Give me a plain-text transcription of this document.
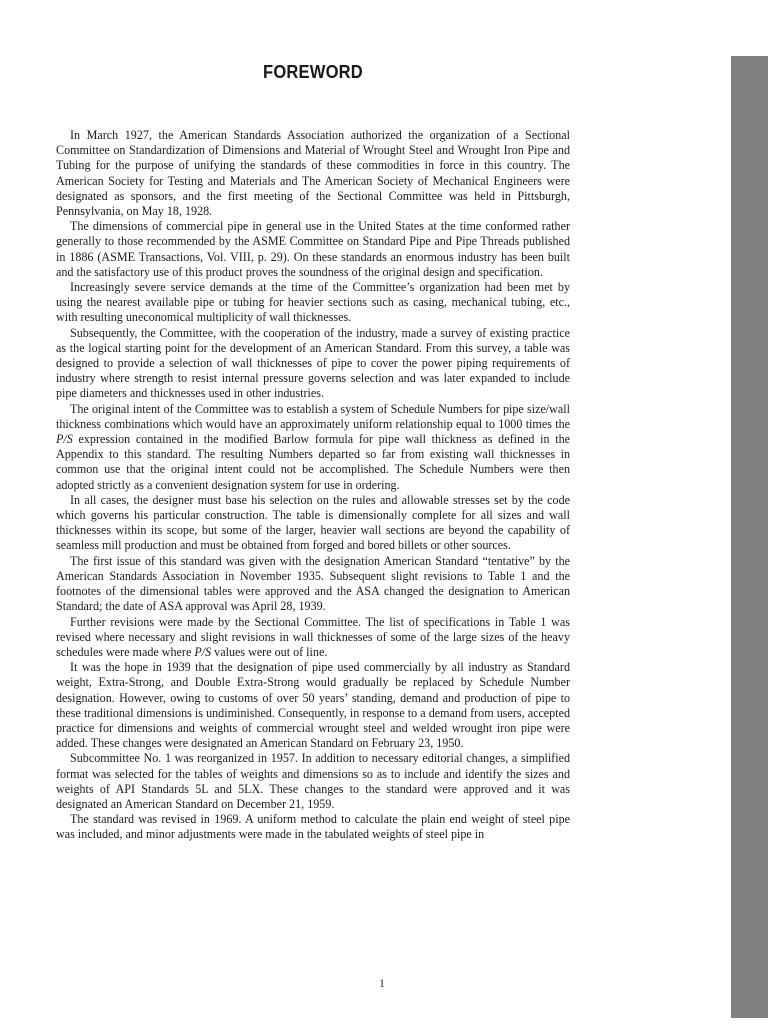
FOREWORD

In March 1927, the American Standards Association authorized the organization of a Sectional Committee on Standardization of Dimensions and Material of Wrought Steel and Wrought Iron Pipe and Tubing for the purpose of unifying the standards of these commodities in force in this country. The American Society for Testing and Materials and The American Society of Mechanical Engineers were designated as sponsors, and the first meeting of the Sectional Committee was held in Pittsburgh, Pennsylvania, on May 18, 1928.

The dimensions of commercial pipe in general use in the United States at the time conformed rather generally to those recommended by the ASME Committee on Standard Pipe and Pipe Threads published in 1886 (ASME Transactions, Vol. VIII, p. 29). On these standards an enormous industry has been built and the satisfactory use of this product proves the soundness of the original design and specification.

Increasingly severe service demands at the time of the Committee’s organization had been met by using the nearest available pipe or tubing for heavier sections such as casing, mechanical tubing, etc., with resulting uneconomical multiplicity of wall thicknesses.

Subsequently, the Committee, with the cooperation of the industry, made a survey of existing practice as the logical starting point for the development of an American Standard. From this survey, a table was designed to provide a selection of wall thicknesses of pipe to cover the power piping requirements of industry where strength to resist internal pressure governs selection and was later expanded to include pipe diameters and thicknesses used in other industries.

The original intent of the Committee was to establish a system of Schedule Numbers for pipe size/wall thickness combinations which would have an approximately uniform relationship equal to 1000 times the P/S expression contained in the modified Barlow formula for pipe wall thickness as defined in the Appendix to this standard. The resulting Numbers departed so far from existing wall thicknesses in common use that the original intent could not be accomplished. The Schedule Numbers were then adopted strictly as a convenient designation system for use in ordering.

In all cases, the designer must base his selection on the rules and allowable stresses set by the code which governs his particular construction. The table is dimensionally complete for all sizes and wall thicknesses within its scope, but some of the larger, heavier wall sections are beyond the capability of seamless mill production and must be obtained from forged and bored billets or other sources.

The first issue of this standard was given with the designation American Standard “tentative” by the American Standards Association in November 1935. Subsequent slight revisions to Table 1 and the footnotes of the dimensional tables were approved and the ASA changed the designation to American Standard; the date of ASA approval was April 28, 1939.

Further revisions were made by the Sectional Committee. The list of specifications in Table 1 was revised where necessary and slight revisions in wall thicknesses of some of the large sizes of the heavy schedules were made where P/S values were out of line.

It was the hope in 1939 that the designation of pipe used commercially by all industry as Standard weight, Extra-Strong, and Double Extra-Strong would gradually be replaced by Schedule Number designation. However, owing to customs of over 50 years’ standing, demand and production of pipe to these traditional dimensions is undiminished. Consequently, in response to a demand from users, accepted practice for dimensions and weights of commercial wrought steel and welded wrought iron pipe were added. These changes were designated an American Standard on February 23, 1950.

Subcommittee No. 1 was reorganized in 1957. In addition to necessary editorial changes, a simplified format was selected for the tables of weights and dimensions so as to include and identify the sizes and weights of API Standards 5L and 5LX. These changes to the standard were approved and it was designated an American Standard on December 21, 1959.

The standard was revised in 1969. A uniform method to calculate the plain end weight of steel pipe was included, and minor adjustments were made in the tabulated weights of steel pipe in

1
